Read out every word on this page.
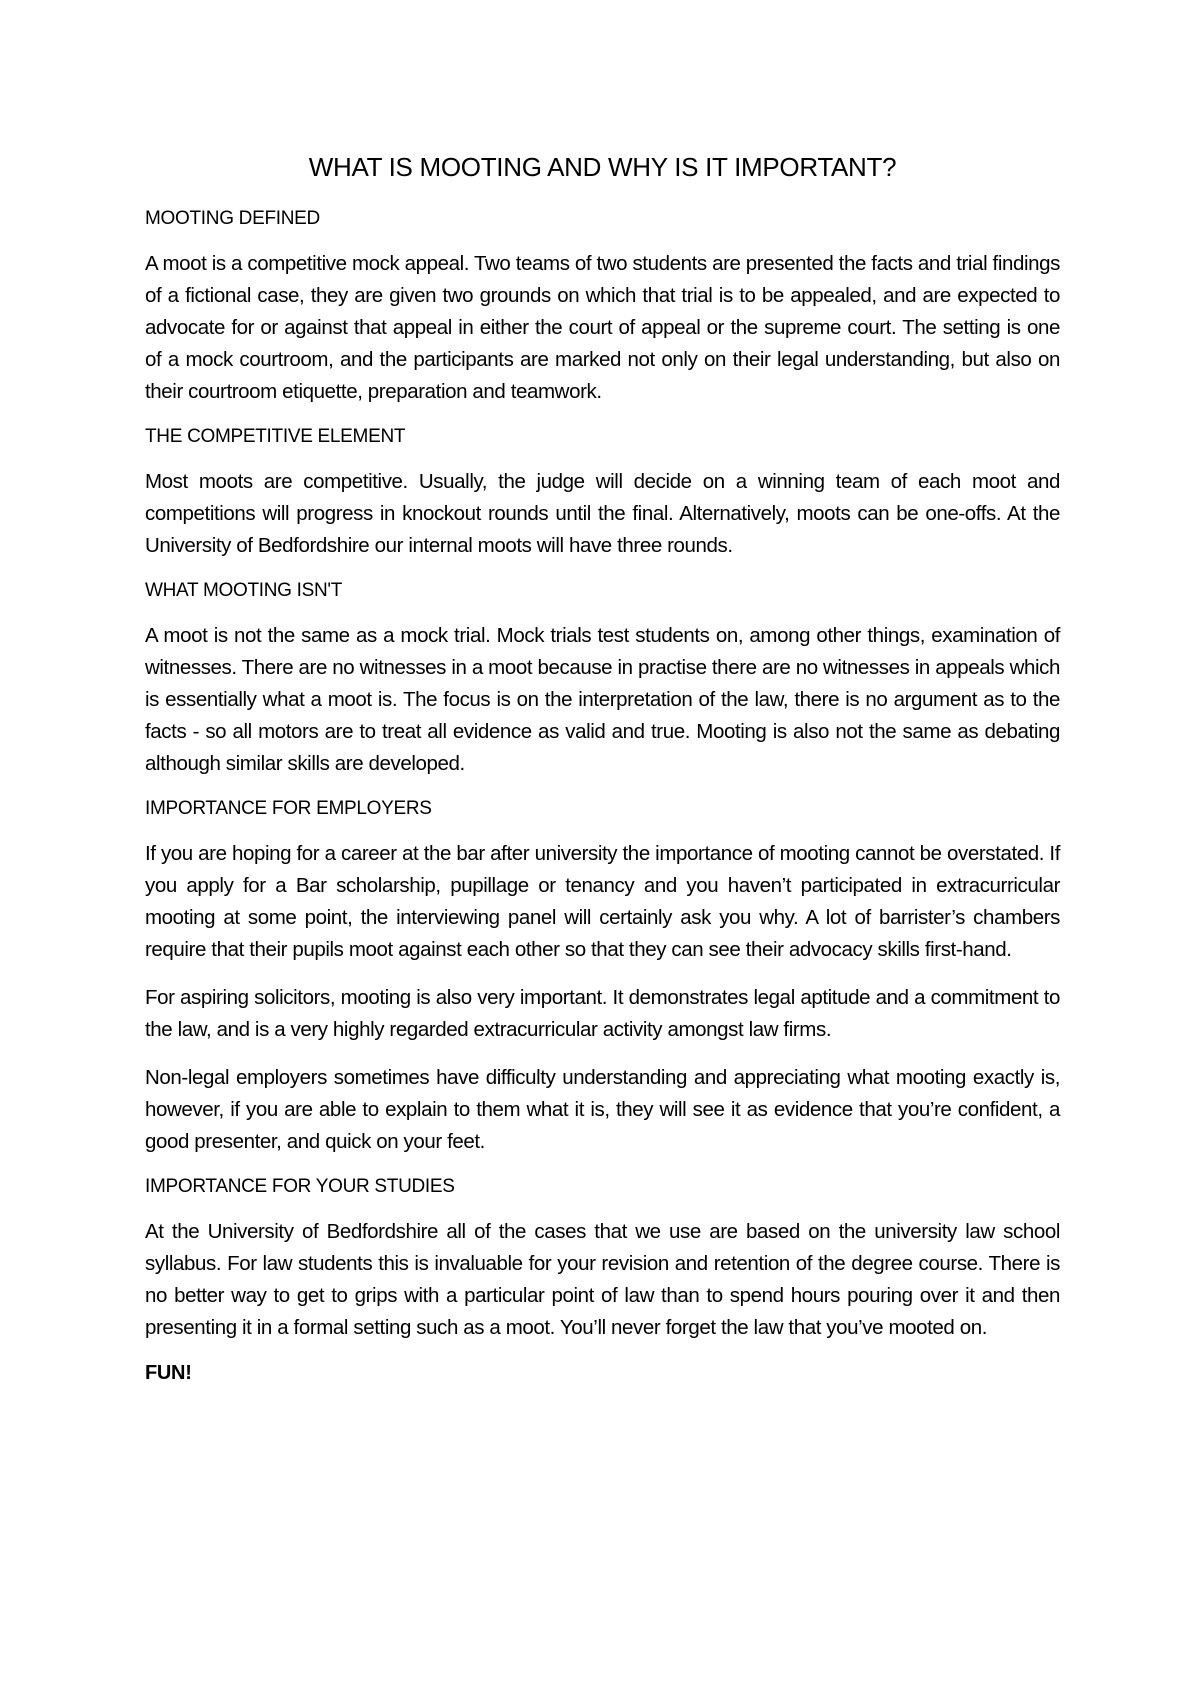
WHAT IS MOOTING AND WHY IS IT IMPORTANT?
MOOTING DEFINED

A moot is a competitive mock appeal. Two teams of two students are presented the facts and trial findings of a fictional case, they are given two grounds on which that trial is to be appealed, and are expected to advocate for or against that appeal in either the court of appeal or the supreme court. The setting is one of a mock courtroom, and the participants are marked not only on their legal understanding, but also on their courtroom etiquette, preparation and teamwork.

THE COMPETITIVE ELEMENT

Most moots are competitive. Usually, the judge will decide on a winning team of each moot and competitions will progress in knockout rounds until the final. Alternatively, moots can be one-offs. At the University of Bedfordshire our internal moots will have three rounds.

WHAT MOOTING ISN'T

A moot is not the same as a mock trial. Mock trials test students on, among other things, examination of witnesses. There are no witnesses in a moot because in practise there are no witnesses in appeals which is essentially what a moot is. The focus is on the interpretation of the law, there is no argument as to the facts - so all motors are to treat all evidence as valid and true. Mooting is also not the same as debating although similar skills are developed.

IMPORTANCE FOR EMPLOYERS

If you are hoping for a career at the bar after university the importance of mooting cannot be overstated. If you apply for a Bar scholarship, pupillage or tenancy and you haven’t participated in extracurricular mooting at some point, the interviewing panel will certainly ask you why. A lot of barrister’s chambers require that their pupils moot against each other so that they can see their advocacy skills first-hand.

For aspiring solicitors, mooting is also very important. It demonstrates legal aptitude and a commitment to the law, and is a very highly regarded extracurricular activity amongst law firms.

Non-legal employers sometimes have difficulty understanding and appreciating what mooting exactly is, however, if you are able to explain to them what it is, they will see it as evidence that you’re confident, a good presenter, and quick on your feet.

IMPORTANCE FOR YOUR STUDIES

At the University of Bedfordshire all of the cases that we use are based on the university law school syllabus. For law students this is invaluable for your revision and retention of the degree course. There is no better way to get to grips with a particular point of law than to spend hours pouring over it and then presenting it in a formal setting such as a moot. You’ll never forget the law that you’ve mooted on.

FUN!
